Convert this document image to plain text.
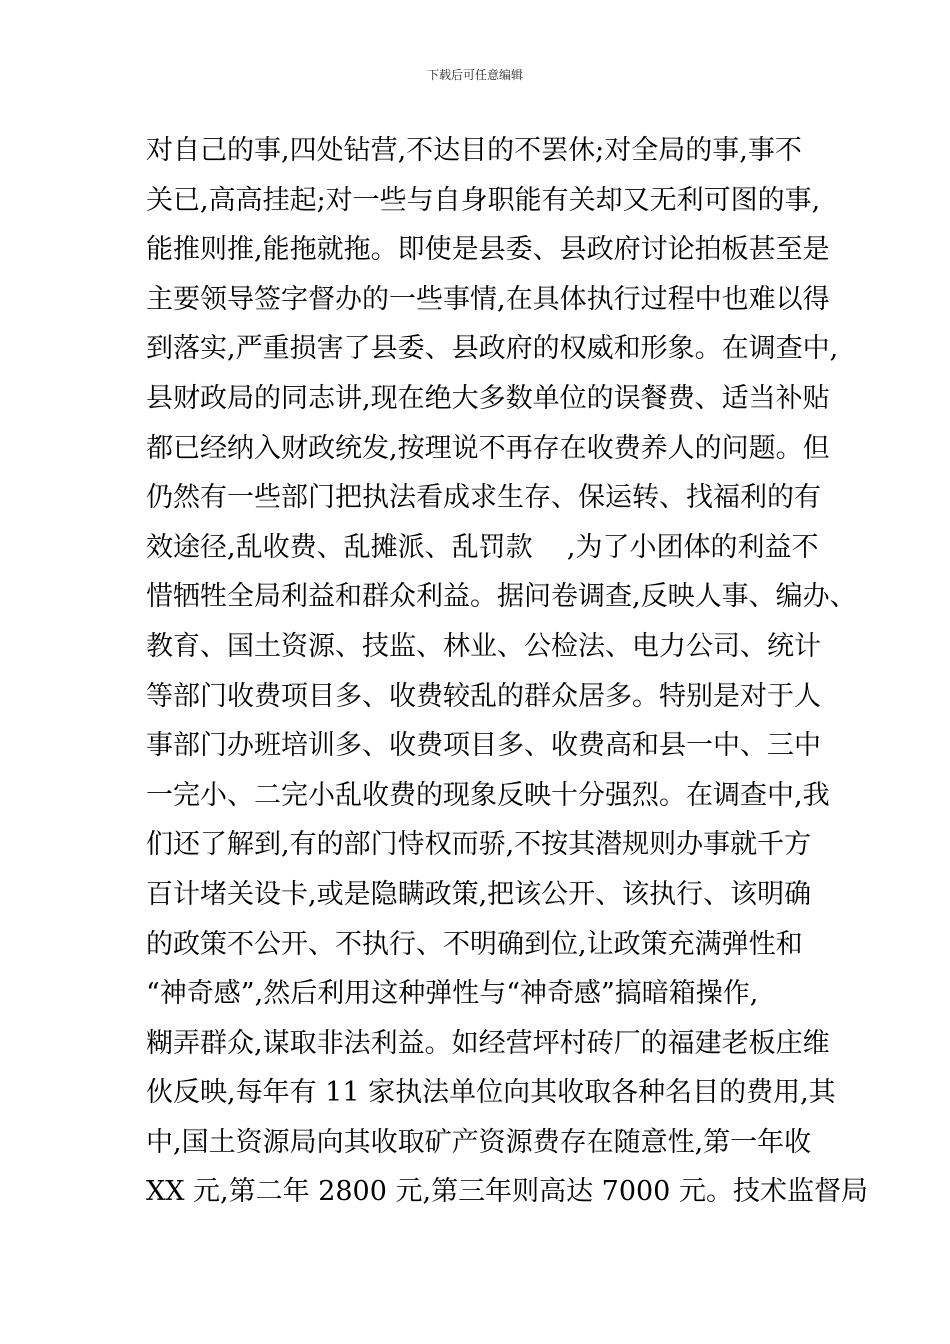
下载后可任意编辑
对自己的事,四处钻营,不达目的不罢休;对全局的事,事不
关已,高高挂起;对一些与自身职能有关却又无利可图的事,
能推则推,能拖就拖。即使是县委、县政府讨论拍板甚至是
主要领导签字督办的一些事情,在具体执行过程中也难以得
到落实,严重损害了县委、县政府的权威和形象。在调查中,
县财政局的同志讲,现在绝大多数单位的误餐费、适当补贴
都已经纳入财政统发,按理说不再存在收费养人的问题。但
仍然有一些部门把执法看成求生存、保运转、找福利的有
效途径,乱收费、乱摊派、乱罚款    ,为了小团体的利益不
惜牺牲全局利益和群众利益。据问卷调查,反映人事、编办、
教育、国土资源、技监、林业、公检法、电力公司、统计
等部门收费项目多、收费较乱的群众居多。特别是对于人
事部门办班培训多、收费项目多、收费高和县一中、三中
一完小、二完小乱收费的现象反映十分强烈。在调查中,我
们还了解到,有的部门恃权而骄,不按其潜规则办事就千方
百计堵关设卡,或是隐瞒政策,把该公开、该执行、该明确
的政策不公开、不执行、不明确到位,让政策充满弹性和
“神奇感”,然后利用这种弹性与“神奇感”搞暗箱操作,
糊弄群众,谋取非法利益。如经营坪村砖厂的福建老板庄维
伙反映,每年有 11 家执法单位向其收取各种名目的费用,其
中,国土资源局向其收取矿产资源费存在随意性,第一年收
XX 元,第二年 2800 元,第三年则高达 7000 元。技术监督局
